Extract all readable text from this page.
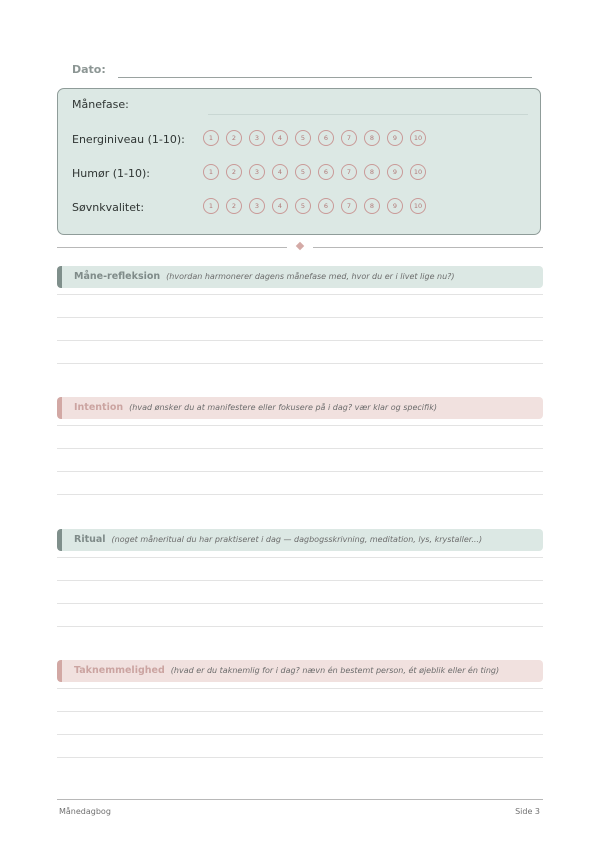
Dato:
Månefase:
Energiniveau (1-10):	1	2	3	4	5	6	7	8	9	10
Humør (1-10):	1	2	3	4	5	6	7	8	9	10
Søvnkvalitet:	1	2	3	4	5	6	7	8	9	10
Måne-refleksion (hvordan harmonerer dagens månefase med, hvor du er i livet lige nu?)
Intention (hvad ønsker du at manifestere eller fokusere på i dag? vær klar og specifik)
Ritual (noget måneritual du har praktiseret i dag — dagbogsskrivning, meditation, lys, krystaller...)
Taknemmelighed (hvad er du taknemlig for i dag? nævn én bestemt person, ét øjeblik eller én ting)
Månedagbog	Side 3
